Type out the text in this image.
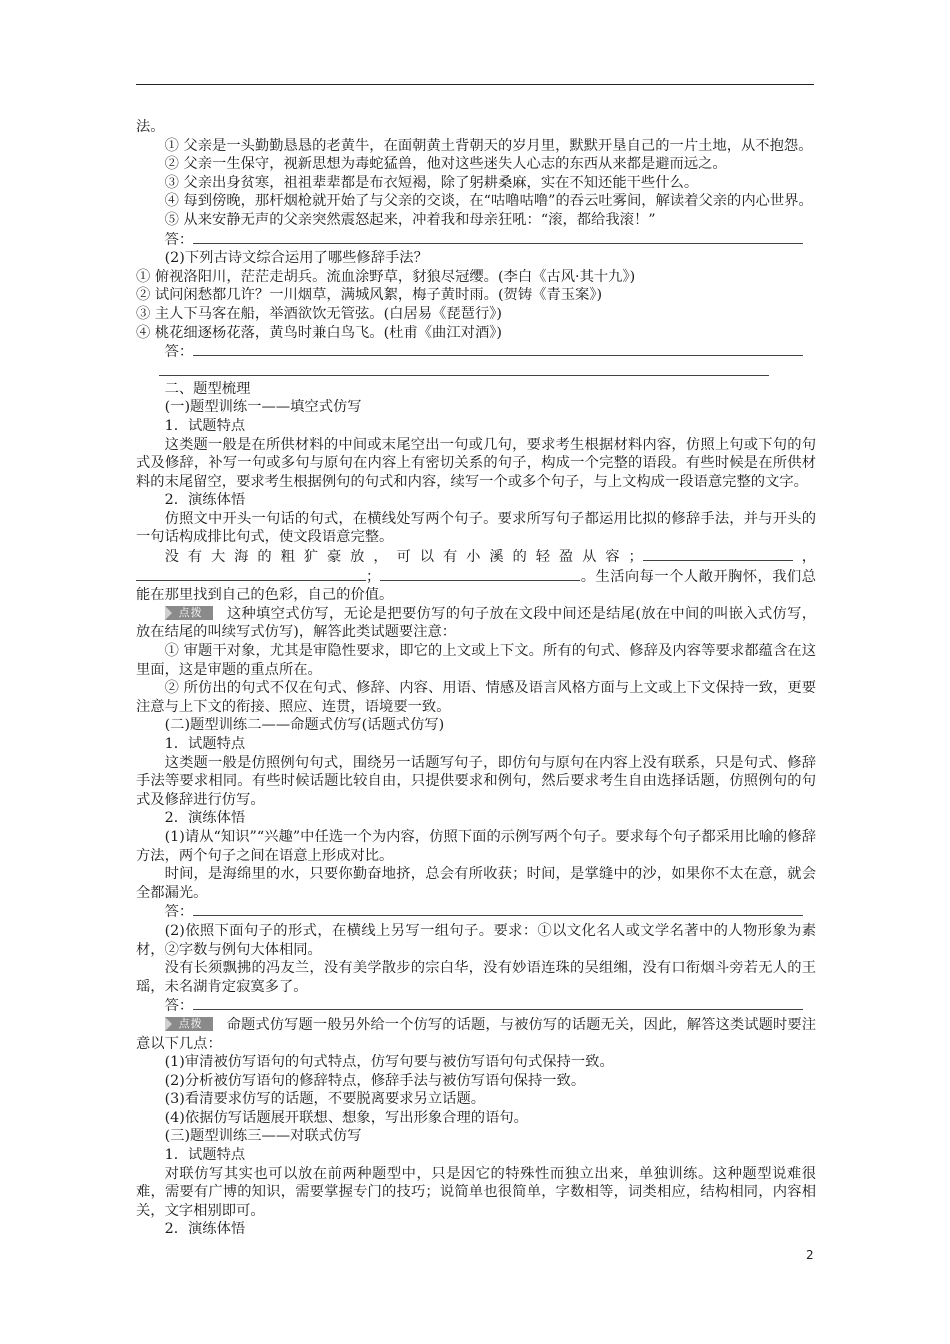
法。

① 父亲是一头勤勤恳恳的老黄牛，在面朝黄土背朝天的岁月里，默默开垦自己的一片土地，从不抱怨。

② 父亲一生保守，视新思想为毒蛇猛兽，他对这些迷失人心志的东西从来都是避而远之。

③ 父亲出身贫寒，祖祖辈辈都是布衣短褐，除了躬耕桑麻，实在不知还能干些什么。

④ 每到傍晚，那杆烟枪就开始了与父亲的交谈，在“咕噜咕噜”的吞云吐雾间，解读着父亲的内心世界。

⑤ 从来安静无声的父亲突然震怒起来，冲着我和母亲狂吼：“滚，都给我滚！”

答：

(2)下列古诗文综合运用了哪些修辞手法？

① 俯视洛阳川，茫茫走胡兵。流血涂野草，豺狼尽冠缨。(李白《古风·其十九》)

② 试问闲愁都几许？一川烟草，满城风絮，梅子黄时雨。(贺铸《青玉案》)

③ 主人下马客在船，举酒欲饮无管弦。(白居易《琵琶行》)

④ 桃花细逐杨花落，黄鸟时兼白鸟飞。(杜甫《曲江对酒》)

答：

二、题型梳理

(一)题型训练一——填空式仿写

1．试题特点

这类题一般是在所供材料的中间或末尾空出一句或几句，要求考生根据材料内容，仿照上句或下句的句式及修辞，补写一句或多句与原句在内容上有密切关系的句子，构成一个完整的语段。有些时候是在所供材料的末尾留空，要求考生根据例句的句式和内容，续写一个或多个句子，与上文构成一段语意完整的文字。

2．演练体悟

仿照文中开头一句话的句式，在横线处写两个句子。要求所写句子都运用比拟的修辞手法，并与开头的一句话构成排比句式，使文段语意完整。

没有大海的粗犷豪放，可以有小溪的轻盈从容；	，；	。生活向每一个人敞开胸怀，我们总能在那里找到自己的色彩，自己的价值。

点拨 这种填空式仿写，无论是把要仿写的句子放在文段中间还是结尾(放在中间的叫嵌入式仿写，放在结尾的叫续写式仿写)，解答此类试题要注意：

① 审题干对象，尤其是审隐性要求，即它的上文或上下文。所有的句式、修辞及内容等要求都蕴含在这里面，这是审题的重点所在。

② 所仿出的句式不仅在句式、修辞、内容、用语、情感及语言风格方面与上文或上下文保持一致，更要注意与上下文的衔接、照应、连贯，语境要一致。

(二)题型训练二——命题式仿写(话题式仿写)

1．试题特点

这类题一般是仿照例句句式，围绕另一话题写句子，即仿句与原句在内容上没有联系，只是句式、修辞手法等要求相同。有些时候话题比较自由，只提供要求和例句，然后要求考生自由选择话题，仿照例句的句式及修辞进行仿写。

2．演练体悟

(1)请从“知识”“兴趣”中任选一个为内容，仿照下面的示例写两个句子。要求每个句子都采用比喻的修辞方法，两个句子之间在语意上形成对比。

时间，是海绵里的水，只要你勤奋地挤，总会有所收获；时间，是掌缝中的沙，如果你不太在意，就会全都漏光。

答：

(2)依照下面句子的形式，在横线上另写一组句子。要求：①以文化名人或文学名著中的人物形象为素材，②字数与例句大体相同。

没有长须飘拂的冯友兰，没有美学散步的宗白华，没有妙语连珠的吴组缃，没有口衔烟斗旁若无人的王瑶，未名湖肯定寂寞多了。

答：

点拨 命题式仿写题一般另外给一个仿写的话题，与被仿写的话题无关，因此，解答这类试题时要注意以下几点：

(1)审清被仿写语句的句式特点，仿写句要与被仿写语句句式保持一致。

(2)分析被仿写语句的修辞特点，修辞手法与被仿写语句保持一致。

(3)看清要求仿写的话题，不要脱离要求另立话题。

(4)依据仿写话题展开联想、想象，写出形象合理的语句。

(三)题型训练三——对联式仿写

1．试题特点

对联仿写其实也可以放在前两种题型中，只是因它的特殊性而独立出来，单独训练。这种题型说难很难，需要有广博的知识，需要掌握专门的技巧；说简单也很简单，字数相等，词类相应，结构相同，内容相关，文字相别即可。

2．演练体悟

2
